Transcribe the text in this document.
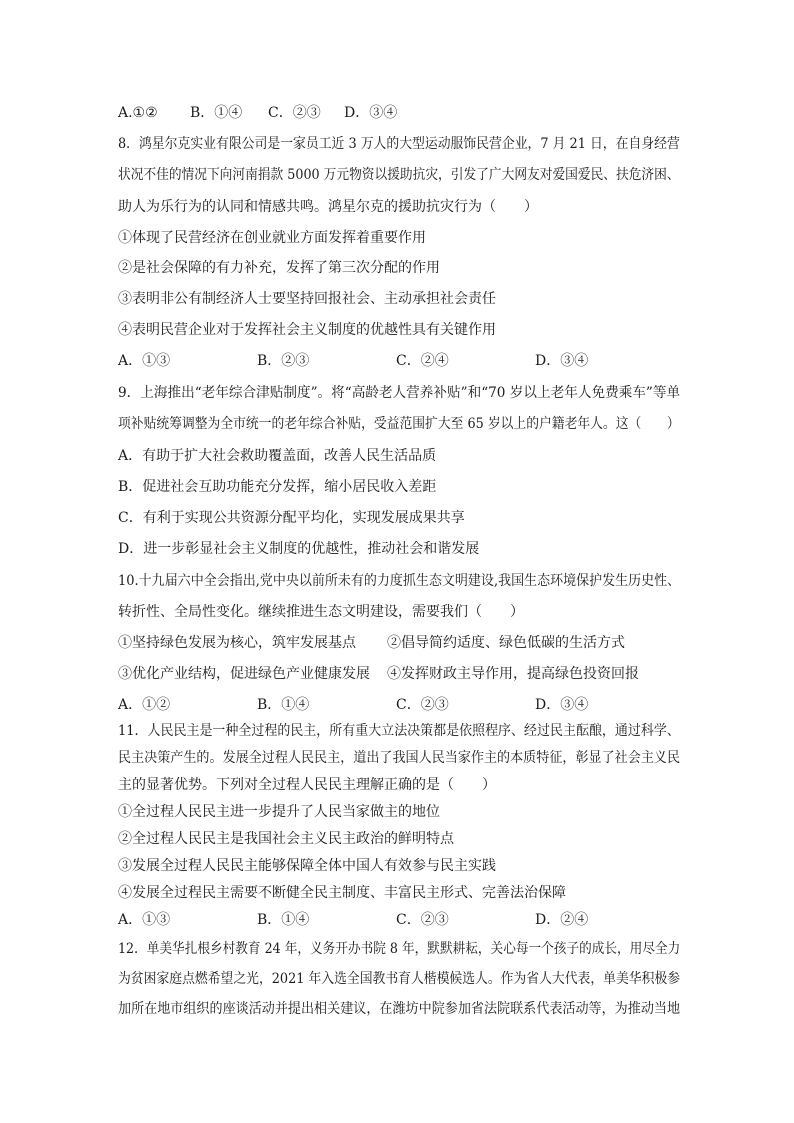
A.①② B．①④ C．②③ D．③④
8．鸿星尔克实业有限公司是一家员工近 3 万人的大型运动服饰民营企业，7 月 21 日，在自身经营
状况不佳的情况下向河南捐款 5000 万元物资以援助抗灾，引发了广大网友对爱国爱民、扶危济困、
助人为乐行为的认同和情感共鸣。鸿星尔克的援助抗灾行为（　　）
①体现了民营经济在创业就业方面发挥着重要作用
②是社会保障的有力补充，发挥了第三次分配的作用
③表明非公有制经济人士要坚持回报社会、主动承担社会责任
④表明民营企业对于发挥社会主义制度的优越性具有关键作用
A．①③	B．②③	C．②④	D．③④
9．上海推出“老年综合津贴制度”。将“高龄老人营养补贴”和“70 岁以上老年人免费乘车”等单
项补贴统筹调整为全市统一的老年综合补贴，受益范围扩大至 65 岁以上的户籍老年人。这（　　）
A．有助于扩大社会救助覆盖面，改善人民生活品质
B．促进社会互助功能充分发挥，缩小居民收入差距
C．有利于实现公共资源分配平均化，实现发展成果共享
D．进一步彰显社会主义制度的优越性，推动社会和谐发展
10.十九届六中全会指出,党中央以前所未有的力度抓生态文明建设,我国生态环境保护发生历史性、
转折性、全局性变化。继续推进生态文明建设，需要我们（　　）
①坚持绿色发展为核心，筑牢发展基点 ②倡导简约适度、绿色低碳的生活方式
③优化产业结构，促进绿色产业健康发展 ④发挥财政主导作用，提高绿色投资回报
A．①②	B．①④	C．②③	D．③④
11．人民民主是一种全过程的民主，所有重大立法决策都是依照程序、经过民主酝酿，通过科学、
民主决策产生的。发展全过程人民民主，道出了我国人民当家作主的本质特征，彰显了社会主义民
主的显著优势。下列对全过程人民民主理解正确的是（　　）
①全过程人民民主进一步提升了人民当家做主的地位
②全过程人民民主是我国社会主义民主政治的鲜明特点
③发展全过程人民民主能够保障全体中国人有效参与民主实践
④发展全过程民主需要不断健全民主制度、丰富民主形式、完善法治保障
A．①③	B．①④	C．②③	D．②④
12．单美华扎根乡村教育 24 年，义务开办书院 8 年，默默耕耘，关心每一个孩子的成长，用尽全力
为贫困家庭点燃希望之光，2021 年入选全国教书育人楷模候选人。作为省人大代表，单美华积极参
加所在地市组织的座谈活动并提出相关建议，在潍坊中院参加省法院联系代表活动等，为推动当地
